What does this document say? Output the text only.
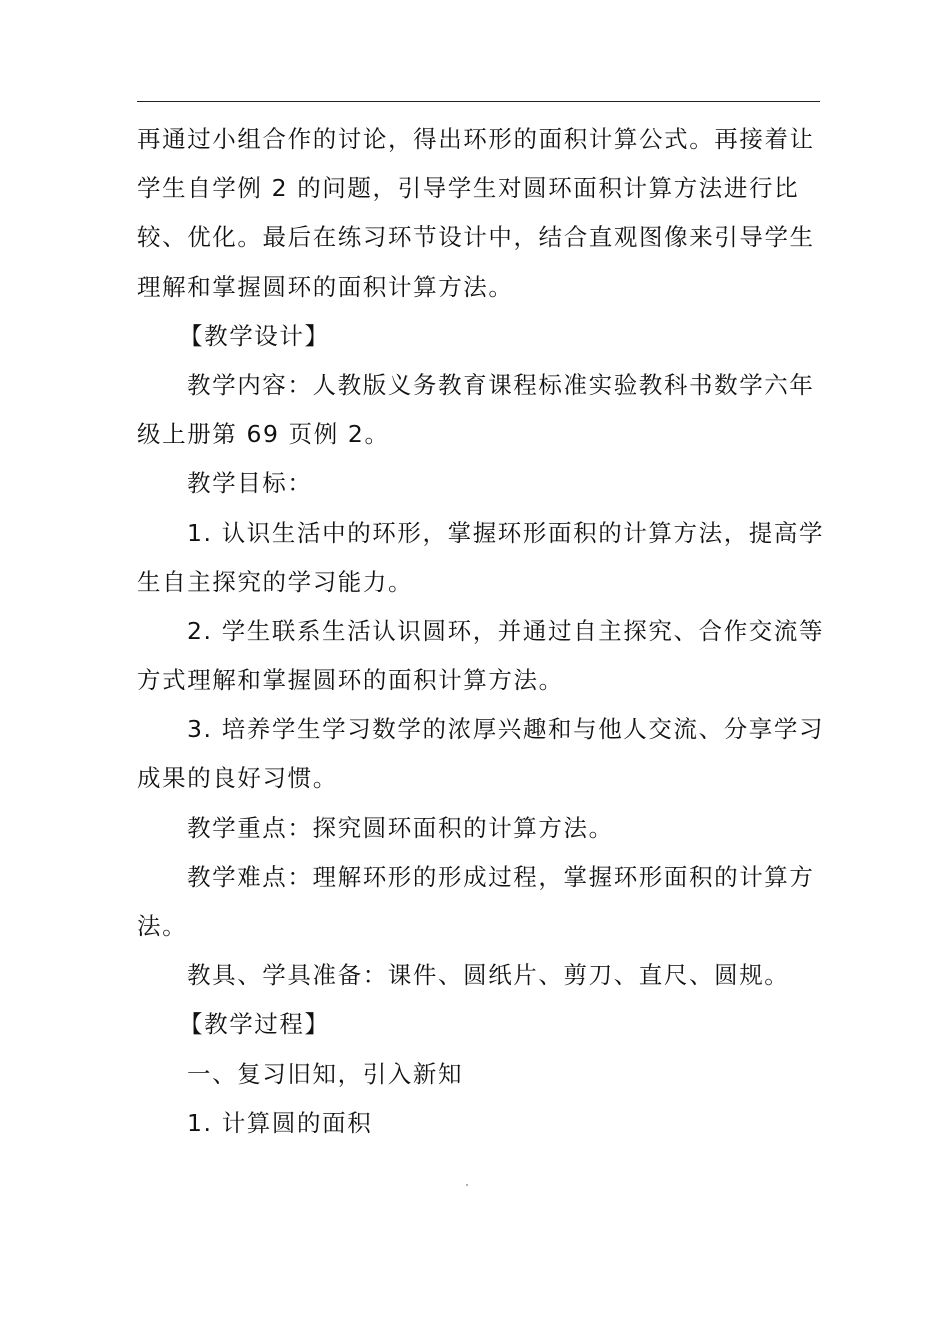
再通过小组合作的讨论，得出环形的面积计算公式。再接着让
学生自学例 2 的问题，引导学生对圆环面积计算方法进行比
较、优化。最后在练习环节设计中，结合直观图像来引导学生
理解和掌握圆环的面积计算方法。
【教学设计】
教学内容：人教版义务教育课程标准实验教科书数学六年
级上册第 69 页例 2。
教学目标：
1. 认识生活中的环形，掌握环形面积的计算方法，提高学
生自主探究的学习能力。
2. 学生联系生活认识圆环，并通过自主探究、合作交流等
方式理解和掌握圆环的面积计算方法。
3. 培养学生学习数学的浓厚兴趣和与他人交流、分享学习
成果的良好习惯。
教学重点：探究圆环面积的计算方法。
教学难点：理解环形的形成过程，掌握环形面积的计算方
法。
教具、学具准备：课件、圆纸片、剪刀、直尺、圆规。
【教学过程】
一、复习旧知，引入新知
1. 计算圆的面积
